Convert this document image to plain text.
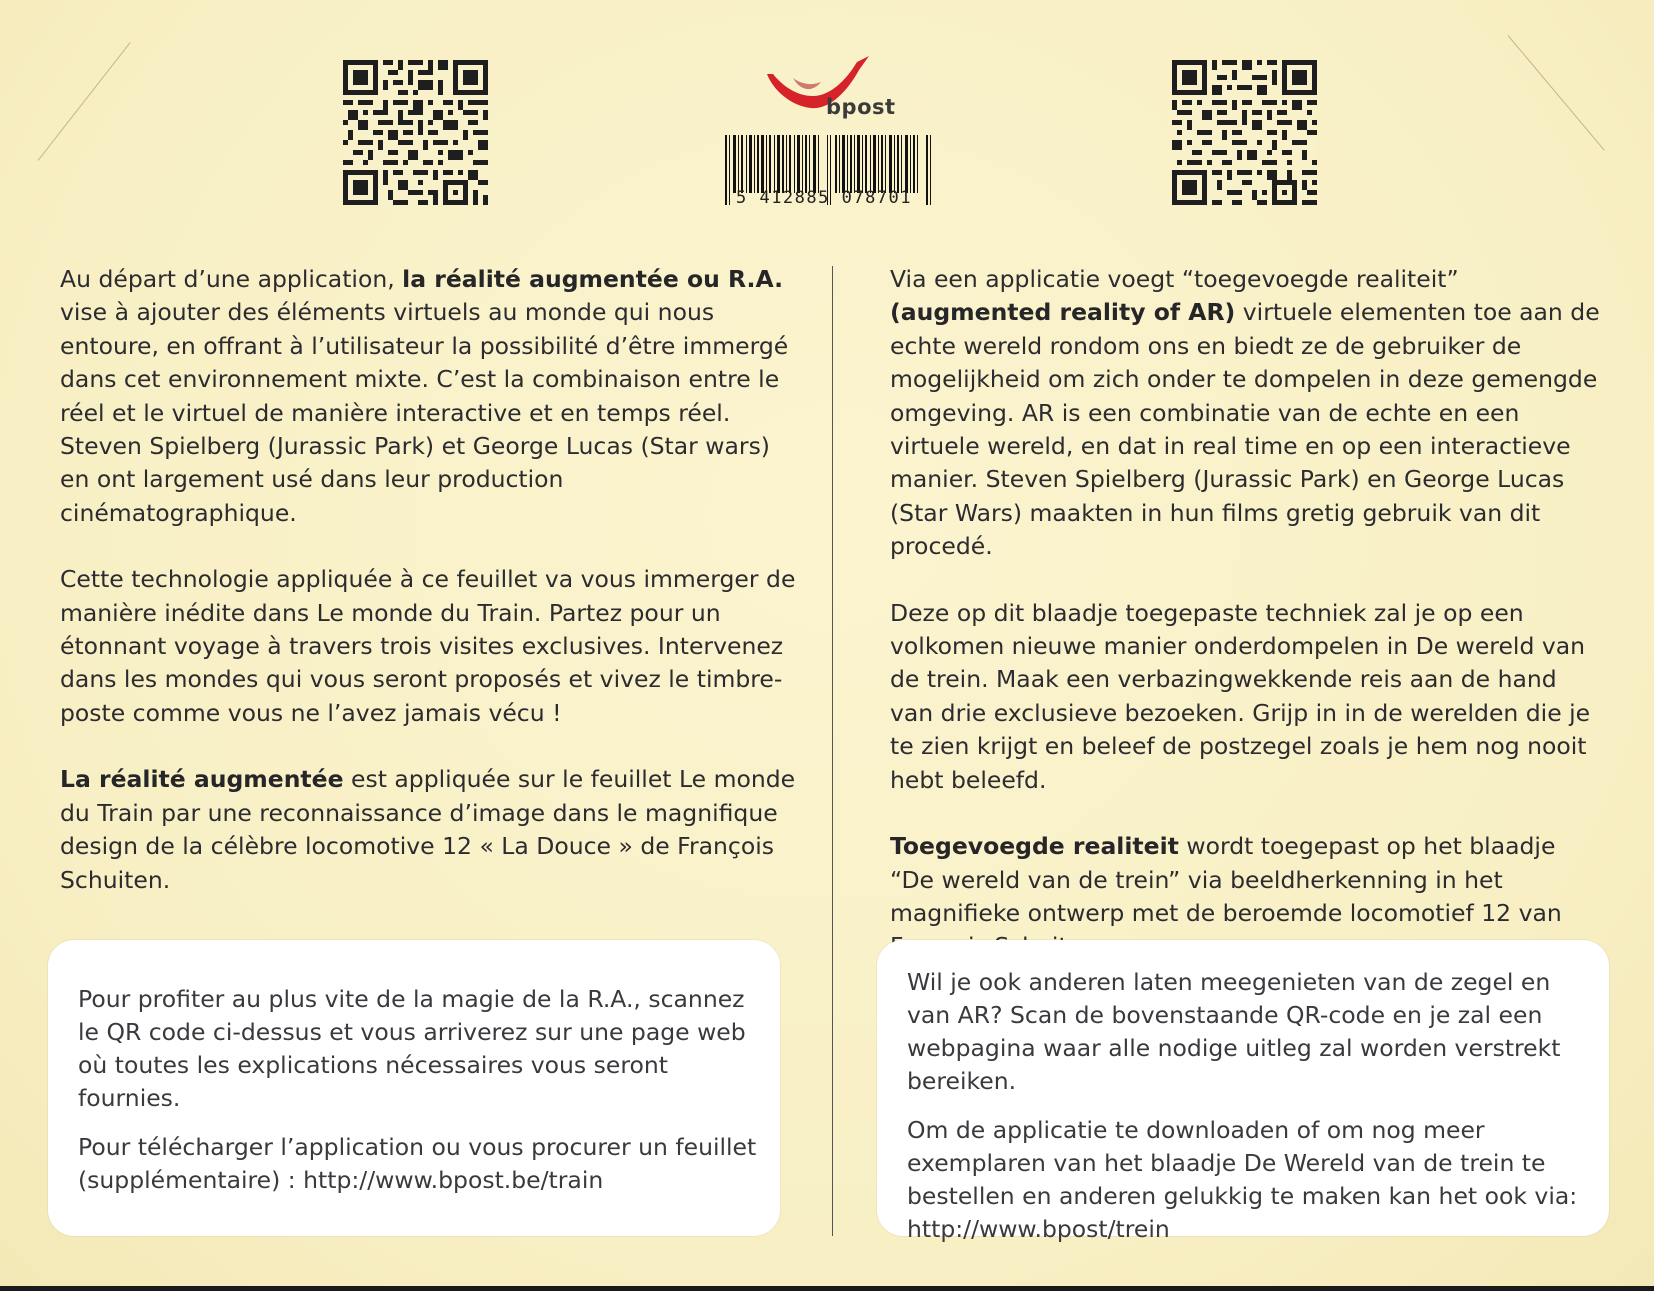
bpost
5 412885 078701

Au départ d’une application, la réalité augmentée ou R.A. vise à ajouter des éléments virtuels au monde qui nous entoure, en offrant à l’utilisateur la possibilité d’être immergé dans cet environnement mixte. C’est la combinaison entre le réel et le virtuel de manière interactive et en temps réel. Steven Spielberg (Jurassic Park) et George Lucas (Star wars) en ont largement usé dans leur production cinématographique.

Cette technologie appliquée à ce feuillet va vous immerger de manière inédite dans Le monde du Train. Partez pour un étonnant voyage à travers trois visites exclusives. Intervenez dans les mondes qui vous seront proposés et vivez le timbre-poste comme vous ne l’avez jamais vécu !

La réalité augmentée est appliquée sur le feuillet Le monde du Train par une reconnaissance d’image dans le magnifique design de la célèbre locomotive 12 « La Douce » de François Schuiten.

Via een applicatie voegt “toegevoegde realiteit” (augmented reality of AR) virtuele elementen toe aan de echte wereld rondom ons en biedt ze de gebruiker de mogelijkheid om zich onder te dompelen in deze gemengde omgeving. AR is een combinatie van de echte en een virtuele wereld, en dat in real time en op een interactieve manier. Steven Spielberg (Jurassic Park) en George Lucas (Star Wars) maakten in hun films gretig gebruik van dit procedé.

Deze op dit blaadje toegepaste techniek zal je op een volkomen nieuwe manier onderdompelen in De wereld van de trein. Maak een verbazingwekkende reis aan de hand van drie exclusieve bezoeken. Grijp in in de werelden die je te zien krijgt en beleef de postzegel zoals je hem nog nooit hebt beleefd.

Toegevoegde realiteit wordt toegepast op het blaadje “De wereld van de trein” via beeldherkenning in het magnifieke ontwerp met de beroemde locomotief 12 van

Pour profiter au plus vite de la magie de la R.A., scannez le QR code ci-dessus et vous arriverez sur une page web où toutes les explications nécessaires vous seront fournies.

Pour télécharger l’application ou vous procurer un feuillet (supplémentaire) : http://www.bpost.be/train

Wil je ook anderen laten meegenieten van de zegel en van AR? Scan de bovenstaande QR-code en je zal een webpagina waar alle nodige uitleg zal worden verstrekt bereiken.

Om de applicatie te downloaden of om nog meer exemplaren van het blaadje De Wereld van de trein te bestellen en anderen gelukkig te maken kan het ook via: http://www.bpost/trein
